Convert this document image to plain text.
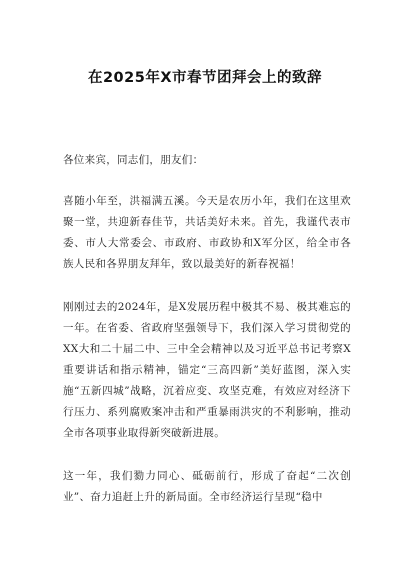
在2025年X市春节团拜会上的致辞
各位来宾，同志们，朋友们：
喜随小年至，洪福满五溪。今天是农历小年，我们在这里欢聚一堂，共迎新春佳节，共话美好未来。首先，我谨代表市委、市人大常委会、市政府、市政协和X军分区，给全市各族人民和各界朋友拜年，致以最美好的新春祝福！
刚刚过去的2024年，是X发展历程中极其不易、极其难忘的一年。在省委、省政府坚强领导下，我们深入学习贯彻党的XX大和二十届二中、三中全会精神以及习近平总书记考察X重要讲话和指示精神，锚定“三高四新”美好蓝图，深入实施“五新四城”战略，沉着应变、攻坚克难，有效应对经济下行压力、系列腐败案冲击和严重暴雨洪灾的不利影响，推动全市各项事业取得新突破新进展。
这一年，我们勠力同心、砥砺前行，形成了奋起“二次创业”、奋力追赶上升的新局面。全市经济运行呈现“稳中
